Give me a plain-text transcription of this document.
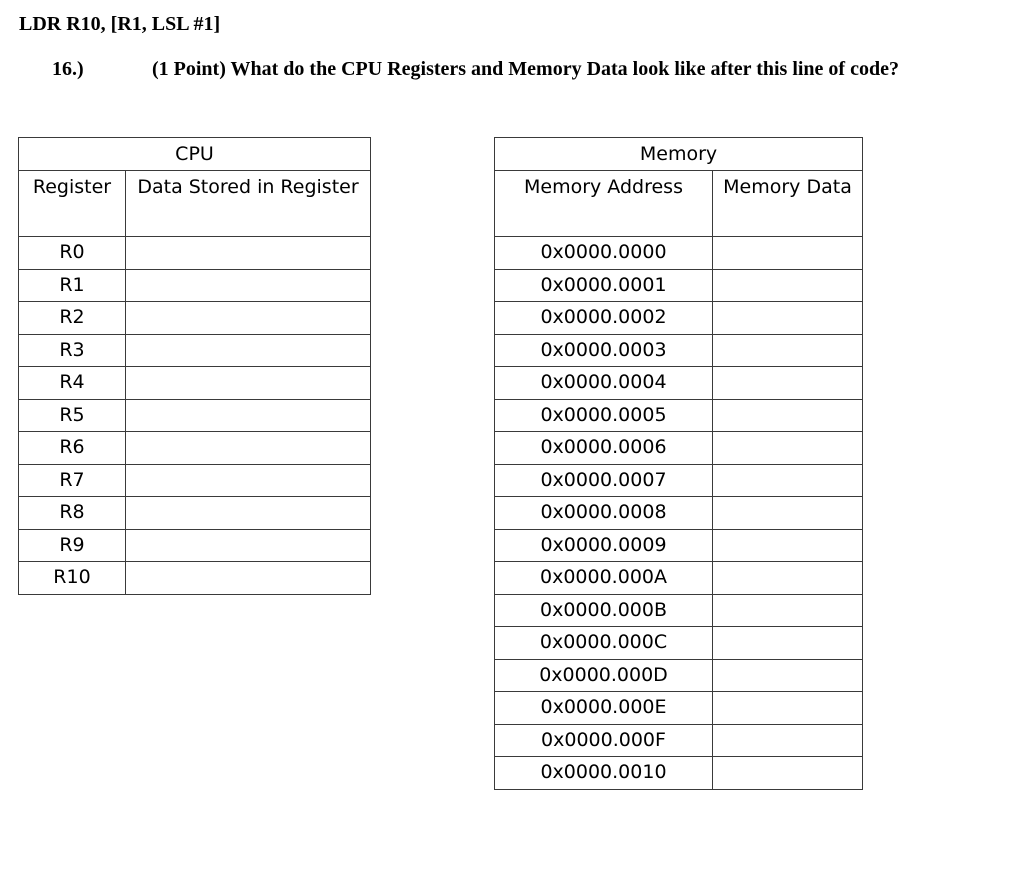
LDR R10, [R1, LSL #1]
16.)	(1 Point) What do the CPU Registers and Memory Data look like after this line of code?
CPU	
Register	Data Stored in Register
R0	
R1	
R2	
R3	
R4	
R5	
R6	
R7	
R8	
R9	
R10	
Memory	
Memory Address	Memory Data
0x0000.0000	
0x0000.0001	
0x0000.0002	
0x0000.0003	
0x0000.0004	
0x0000.0005	
0x0000.0006	
0x0000.0007	
0x0000.0008	
0x0000.0009	
0x0000.000A	
0x0000.000B	
0x0000.000C	
0x0000.000D	
0x0000.000E	
0x0000.000F	
0x0000.0010	
